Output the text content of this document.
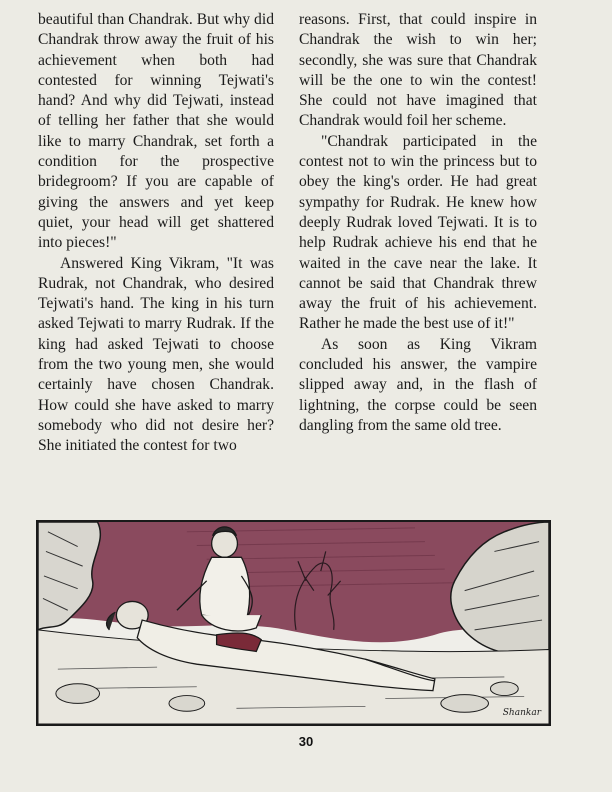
beautiful than Chandrak. But why did Chandrak throw away the fruit of his achievement when both had contested for winning Tejwati's hand? And why did Tejwati, instead of telling her father that she would like to marry Chandrak, set forth a condition for the prospective bridegroom? If you are capable of giving the answers and yet keep quiet, your head will get shattered into pieces!"

Answered King Vikram, "It was Rudrak, not Chandrak, who desired Tejwati's hand. The king in his turn asked Tejwati to marry Rudrak. If the king had asked Tejwati to choose from the two young men, she would certainly have chosen Chandrak. How could she have asked to marry somebody who did not desire her? She initiated the contest for two

reasons. First, that could inspire in Chandrak the wish to win her; secondly, she was sure that Chandrak will be the one to win the contest! She could not have imagined that Chandrak would foil her scheme.

"Chandrak participated in the contest not to win the princess but to obey the king's order. He had great sympathy for Rudrak. He knew how deeply Rudrak loved Tejwati. It is to help Rudrak achieve his end that he waited in the cave near the lake. It cannot be said that Chandrak threw away the fruit of his achievement. Rather he made the best use of it!"

As soon as King Vikram concluded his answer, the vampire slipped away and, in the flash of lightning, the corpse could be seen dangling from the same old tree.

Shankar
30
